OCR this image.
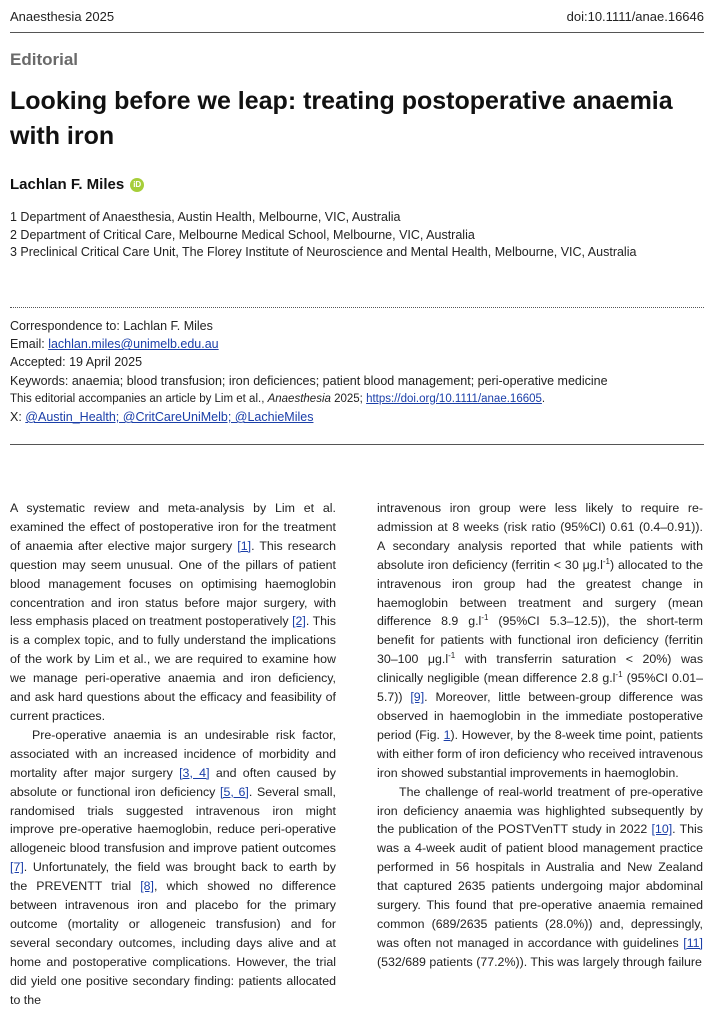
Anaesthesia 2025	doi:10.1111/anae.16646
Editorial
Looking before we leap: treating postoperative anaemia with iron
Lachlan F. Miles	iD
1 Department of Anaesthesia, Austin Health, Melbourne, VIC, Australia
2 Department of Critical Care, Melbourne Medical School, Melbourne, VIC, Australia
3 Preclinical Critical Care Unit, The Florey Institute of Neuroscience and Mental Health, Melbourne, VIC, Australia
Correspondence to: Lachlan F. Miles
Email: lachlan.miles@unimelb.edu.au
Accepted: 19 April 2025
Keywords: anaemia; blood transfusion; iron deficiences; patient blood management; peri-operative medicine
This editorial accompanies an article by Lim et al., Anaesthesia 2025; https://doi.org/10.1111/anae.16605.
X: @Austin_Health; @CritCareUniMelb; @LachieMiles

A systematic review and meta-analysis by Lim et al. examined the effect of postoperative iron for the treatment of anaemia after elective major surgery [1]. This research question may seem unusual. One of the pillars of patient blood management focuses on optimising haemoglobin concentration and iron status before major surgery, with less emphasis placed on treatment postoperatively [2]. This is a complex topic, and to fully understand the implications of the work by Lim et al., we are required to examine how we manage peri-operative anaemia and iron deficiency, and ask hard questions about the efficacy and feasibility of current practices.

Pre-operative anaemia is an undesirable risk factor, associated with an increased incidence of morbidity and mortality after major surgery [3, 4] and often caused by absolute or functional iron deficiency [5, 6]. Several small, randomised trials suggested intravenous iron might improve pre-operative haemoglobin, reduce peri-operative allogeneic blood transfusion and improve patient outcomes [7]. Unfortunately, the field was brought back to earth by the PREVENTT trial [8], which showed no difference between intravenous iron and placebo for the primary outcome (mortality or allogeneic transfusion) and for several secondary outcomes, including days alive and at home and postoperative complications. However, the trial did yield one positive secondary finding: patients allocated to the

intravenous iron group were less likely to require re-admission at 8 weeks (risk ratio (95%CI) 0.61 (0.4–0.91)). A secondary analysis reported that while patients with absolute iron deficiency (ferritin < 30 $\mu g.l^{-1}$) allocated to the intravenous iron group had the greatest change in haemoglobin between treatment and surgery (mean difference 8.9 $g.l^{-1}$ (95%CI 5.3–12.5)), the short-term benefit for patients with functional iron deficiency (ferritin 30–100 $\mu g.l^{-1}$ with transferrin saturation < 20%) was clinically negligible (mean difference 2.8 $g.l^{-1}$ (95%CI 0.01–5.7)) [9]. Moreover, little between-group difference was observed in haemoglobin in the immediate postoperative period (Fig. 1). However, by the 8-week time point, patients with either form of iron deficiency who received intravenous iron showed substantial improvements in haemoglobin.

The challenge of real-world treatment of pre-operative iron deficiency anaemia was highlighted subsequently by the publication of the POSTVenTT study in 2022 [10]. This was a 4-week audit of patient blood management practice performed in 56 hospitals in Australia and New Zealand that captured 2635 patients undergoing major abdominal surgery. This found that pre-operative anaemia remained common (689/2635 patients (28.0%)) and, depressingly, was often not managed in accordance with guidelines [11] (532/689 patients (77.2%)). This was largely through failure
